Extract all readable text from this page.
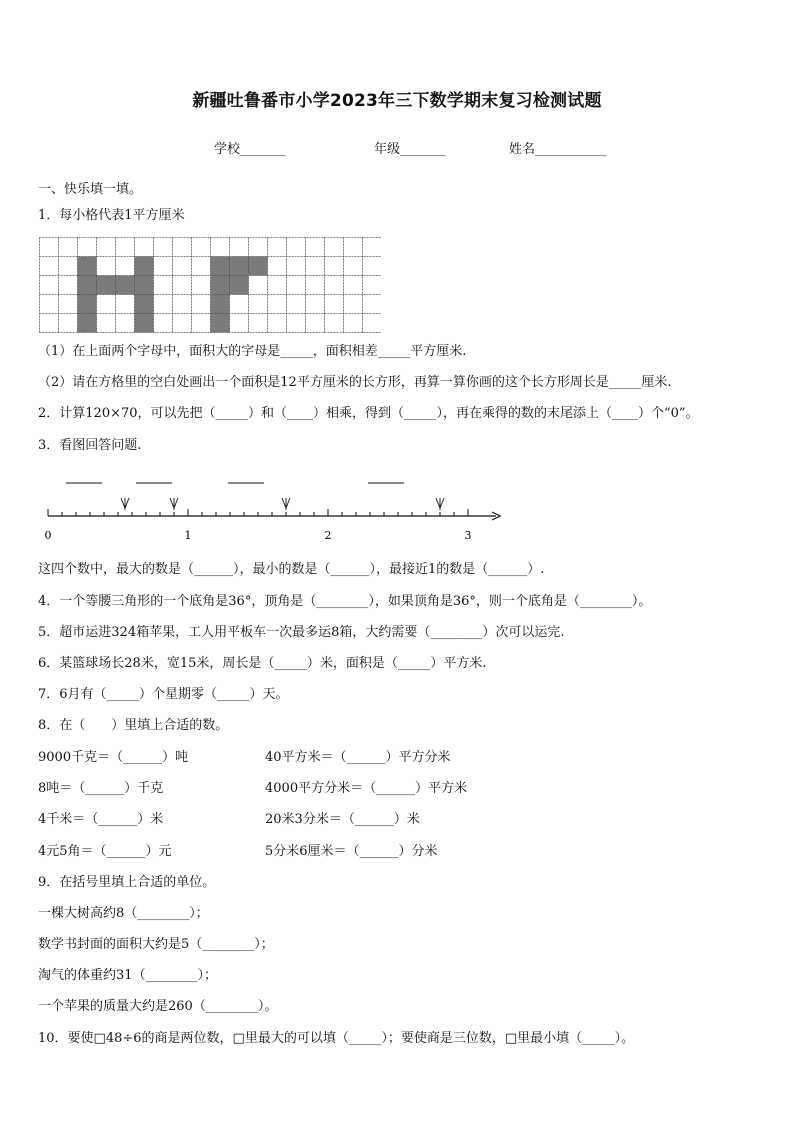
新疆吐鲁番市小学2023年三下数学期末复习检测试题
学校_______	年级_______	姓名___________
一、快乐填一填。
1．每小格代表1平方厘米
（1）在上面两个字母中，面积大的字母是_____，面积相差_____平方厘米.
（2）请在方格里的空白处画出一个面积是12平方厘米的长方形，再算一算你画的这个长方形周长是_____厘米.
2．计算120×70，可以先把（_____）和（____）相乘，得到（_____），再在乘得的数的末尾添上（____）个“0”。
3．看图回答问题.
0	1	2	3
这四个数中，最大的数是（______），最小的数是（______），最接近1的数是（______）.
4．一个等腰三角形的一个底角是36°，顶角是（________），如果顶角是36°，则一个底角是（________）。
5．超市运进324箱苹果，工人用平板车一次最多运8箱，大约需要（________）次可以运完.
6．某篮球场长28米，宽15米，周长是（_____）米，面积是（_____）平方米.
7．6月有（_____）个星期零（_____）天。
8．在（　　）里填上合适的数。
9000千克＝（______）吨	40平方米＝（______）平方分米
8吨＝（______）千克	4000平方分米＝（______）平方米
4千米＝（______）米	20米3分米＝（______）米
4元5角＝（______）元	5分米6厘米＝（______）分米
9．在括号里填上合适的单位。
一棵大树高约8（________）；
数学书封面的面积大约是5（________）；
淘气的体重约31（________）；
一个苹果的质量大约是260（________）。
10．要使□48÷6的商是两位数，□里最大的可以填（_____）；要使商是三位数，□里最小填（_____）。
